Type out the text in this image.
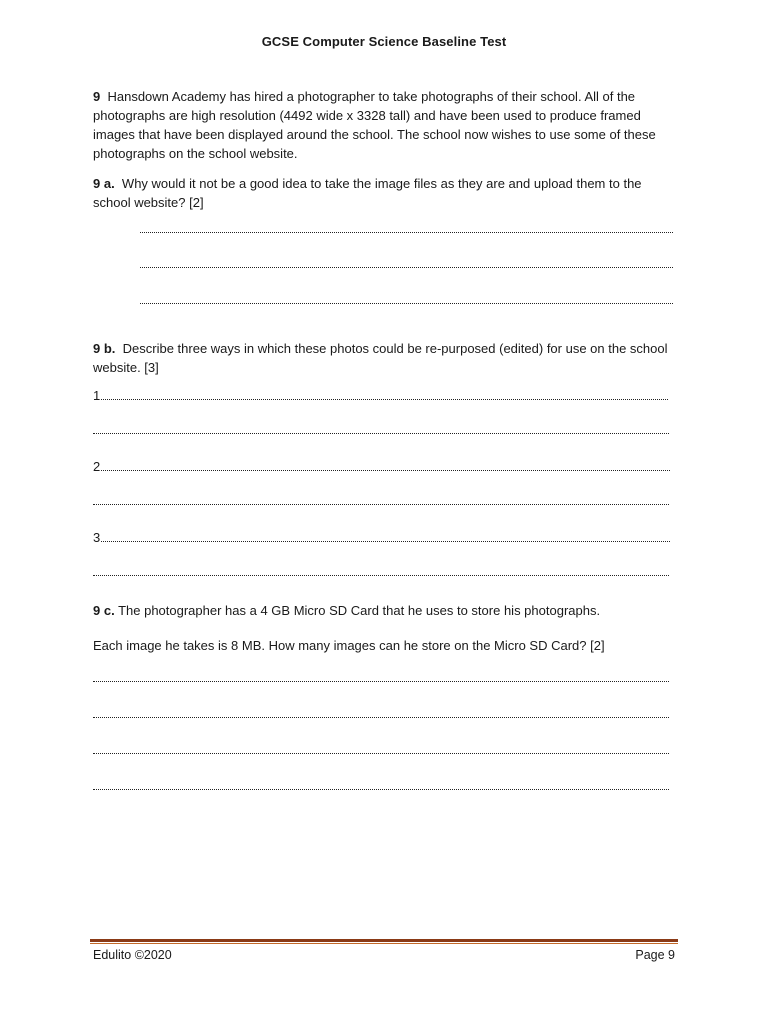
GCSE Computer Science Baseline Test
9 Hansdown Academy has hired a photographer to take photographs of their school. All of the photographs are high resolution (4492 wide x 3328 tall) and have been used to produce framed images that have been displayed around the school. The school now wishes to use some of these photographs on the school website.
9 a. Why would it not be a good idea to take the image files as they are and upload them to the school website? [2]
9 b. Describe three ways in which these photos could be re-purposed (edited) for use on the school website. [3]
1
2
3
9 c. The photographer has a 4 GB Micro SD Card that he uses to store his photographs.
Each image he takes is 8 MB. How many images can he store on the Micro SD Card? [2]
Edulito ©2020	Page 9
